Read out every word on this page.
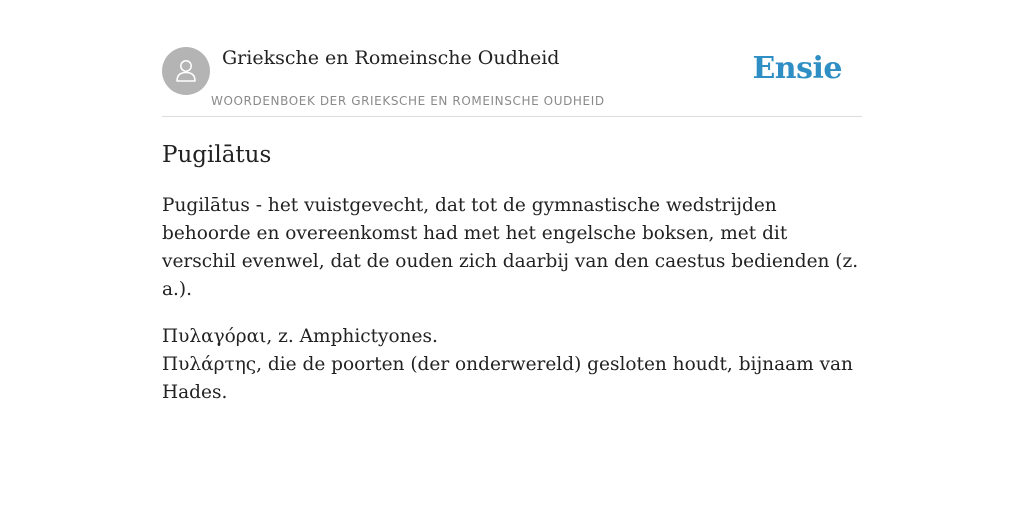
Grieksche en Romeinsche Oudheid
WOORDENBOEK DER GRIEKSCHE EN ROMEINSCHE OUDHEID
Ensie
Pugilātus

Pugilātus - het vuistgevecht, dat tot de gymnastische wedstrijden behoorde en overeenkomst had met het engelsche boksen, met dit verschil evenwel, dat de ouden zich daarbij van den caestus bedienden (z. a.).

Πυλαγόραι, z. Amphictyones.
Πυλάρτης, die de poorten (der onderwereld) gesloten houdt, bijnaam van Hades.
